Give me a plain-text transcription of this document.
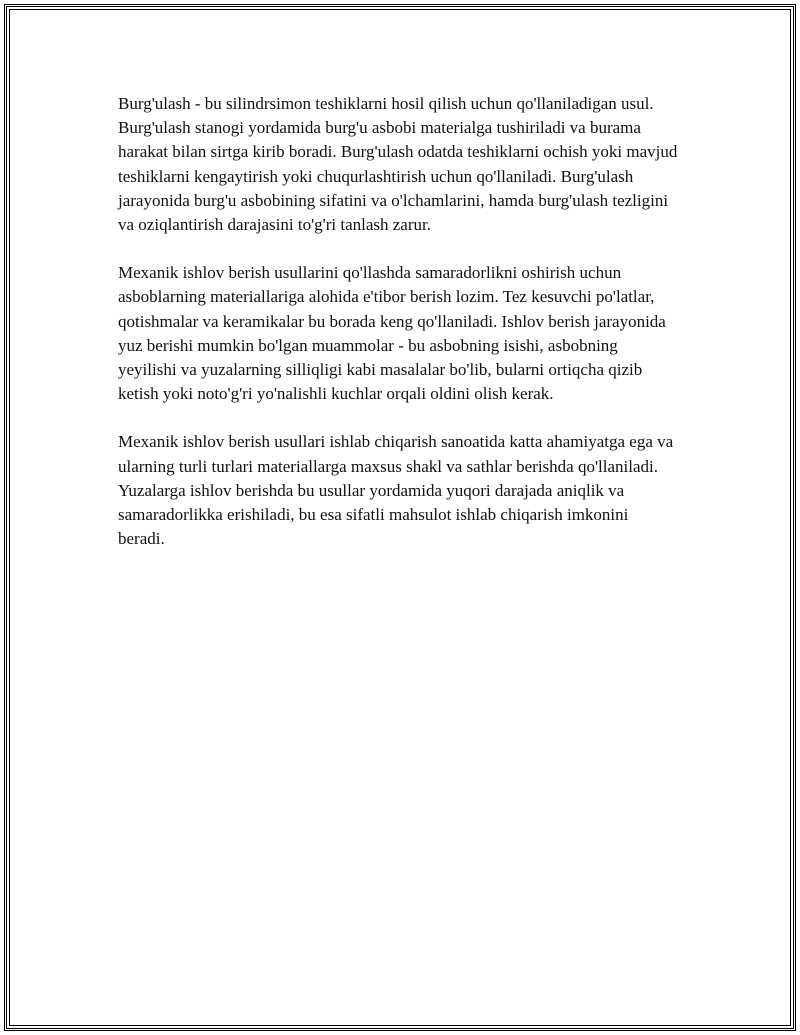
Burg'ulash - bu silindrsimon teshiklarni hosil qilish uchun qo'llaniladigan usul. Burg'ulash stanogi yordamida burg'u asbobi materialga tushiriladi va burama harakat bilan sirtga kirib boradi. Burg'ulash odatda teshiklarni ochish yoki mavjud teshiklarni kengaytirish yoki chuqurlashtirish uchun qo'llaniladi. Burg'ulash jarayonida burg'u asbobining sifatini va o'lchamlarini, hamda burg'ulash tezligini va oziqlantirish darajasini to'g'ri tanlash zarur.

Mexanik ishlov berish usullarini qo'llashda samaradorlikni oshirish uchun asboblarning materiallariga alohida e'tibor berish lozim. Tez kesuvchi po'latlar, qotishmalar va keramikalar bu borada keng qo'llaniladi. Ishlov berish jarayonida yuz berishi mumkin bo'lgan muammolar - bu asbobning isishi, asbobning yeyilishi va yuzalarning silliqligi kabi masalalar bo'lib, bularni ortiqcha qizib ketish yoki noto'g'ri yo'nalishli kuchlar orqali oldini olish kerak.

Mexanik ishlov berish usullari ishlab chiqarish sanoatida katta ahamiyatga ega va ularning turli turlari materiallarga maxsus shakl va sathlar berishda qo'llaniladi. Yuzalarga ishlov berishda bu usullar yordamida yuqori darajada aniqlik va samaradorlikka erishiladi, bu esa sifatli mahsulot ishlab chiqarish imkonini beradi.
